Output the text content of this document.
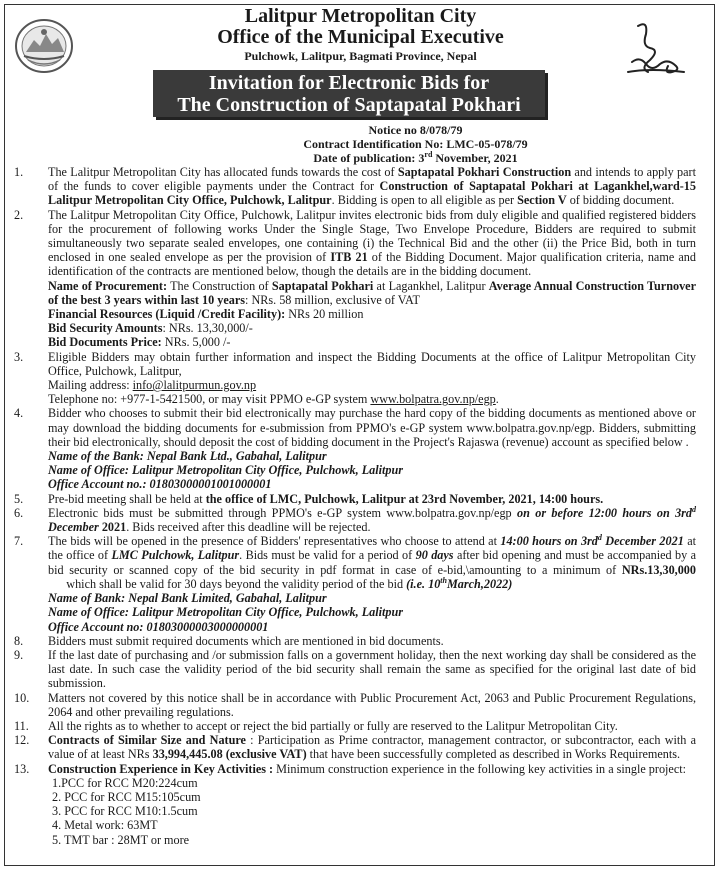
Lalitpur Metropolitan City
Office of the Municipal Executive
Pulchowk, Lalitpur, Bagmati Province, Nepal
Invitation for Electronic Bids for
The Construction of Saptapatal Pokhari
Notice no 8/078/79
Contract Identification No: LMC-05-078/79
Date of publication: 3rd November, 2021
1.	The Lalitpur Metropolitan City has allocated funds towards the cost of Saptapatal Pokhari Construction and intends to apply part of the funds to cover eligible payments under the Contract for Construction of Saptapatal Pokhari at Lagankhel,ward-15 Lalitpur Metropolitan City Office, Pulchowk, Lalitpur. Bidding is open to all eligible as per Section V of bidding document.
2.	The Lalitpur Metropolitan City Office, Pulchowk, Lalitpur invites electronic bids from duly eligible and qualified registered bidders for the procurement of following works Under the Single Stage, Two Envelope Procedure, Bidders are required to submit simultaneously two separate sealed envelopes, one containing (i) the Technical Bid and the other (ii) the Price Bid, both in turn enclosed in one sealed envelope as per the provision of ITB 21 of the Bidding Document. Major qualification criteria, name and identification of the contracts are mentioned below, though the details are in the bidding document.
Name of Procurement: The Construction of Saptapatal Pokhari at Lagankhel, Lalitpur Average Annual Construction Turnover of the best 3 years within last 10 years: NRs. 58 million, exclusive of VAT
Financial Resources (Liquid /Credit Facility): NRs 20 million
Bid Security Amounts: NRs. 13,30,000/-
Bid Documents Price: NRs. 5,000 /-
3.	Eligible Bidders may obtain further information and inspect the Bidding Documents at the office of Lalitpur Metropolitan City Office, Pulchowk, Lalitpur,
Mailing address: info@lalitpurmun.gov.np
Telephone no: +977-1-5421500, or may visit PPMO e-GP system www.bolpatra.gov.np/egp.
4.	Bidder who chooses to submit their bid electronically may purchase the hard copy of the bidding documents as mentioned above or may download the bidding documents for e-submission from PPMO's e-GP system www.bolpatra.gov.np/egp. Bidders, submitting their bid electronically, should deposit the cost of bidding document in the Project's Rajaswa (revenue) account as specified below .
Name of the Bank: Nepal Bank Ltd., Gabahal, Lalitpur
Name of Office: Lalitpur Metropolitan City Office, Pulchowk, Lalitpur
Office Account no.: 01803000001001000001
5.	Pre-bid meeting shall be held at the office of LMC, Pulchowk, Lalitpur at 23rd November, 2021, 14:00 hours.
6.	Electronic bids must be submitted through PPMO's e-GP system www.bolpatra.gov.np/egp on or before 12:00 hours on $3rd^d$ December 2021. Bids received after this deadline will be rejected.
7.	The bids will be opened in the presence of Bidders' representatives who choose to attend at 14:00 hours on $3rd^d$ December 2021 at the office of LMC Pulchowk, Lalitpur. Bids must be valid for a period of 90 days after bid opening and must be accompanied by a bid security or scanned copy of the bid security in pdf format in case of e-bid,\amounting to a minimum of NRs.13,30,000      which shall be valid for 30 days beyond the validity period of the bid (i.e. 10thMarch,2022)
Name of Bank: Nepal Bank Limited, Gabahal, Lalitpur
Name of Office: Lalitpur Metropolitan City Office, Pulchowk, Lalitpur
Office Account no: 01803000003000000001
8.	Bidders must submit required documents which are mentioned in bid documents.
9.	If the last date of purchasing and /or submission falls on a government holiday, then the next working day shall be considered as the last date. In such case the validity period of the bid security shall remain the same as specified for the original last date of bid submission.
10.	Matters not covered by this notice shall be in accordance with Public Procurement Act, 2063 and Public Procurement Regulations, 2064 and other prevailing regulations.
11.	All the rights as to whether to accept or reject the bid partially or fully are reserved to the Lalitpur Metropolitan City.
12.	Contracts of Similar Size and Nature : Participation as Prime contractor, management contractor, or subcontractor, each with a value of at least NRs 33,994,445.08 (exclusive VAT) that have been successfully completed as described in Works Requirements.
13.	Construction Experience in Key Activities : Minimum construction experience in the following key activities in a single project:
1.PCC for RCC M20:224cum
2. PCC for RCC M15:105cum
3. PCC for RCC M10:1.5cum
4. Metal work: 63MT
5. TMT bar : 28MT or more
